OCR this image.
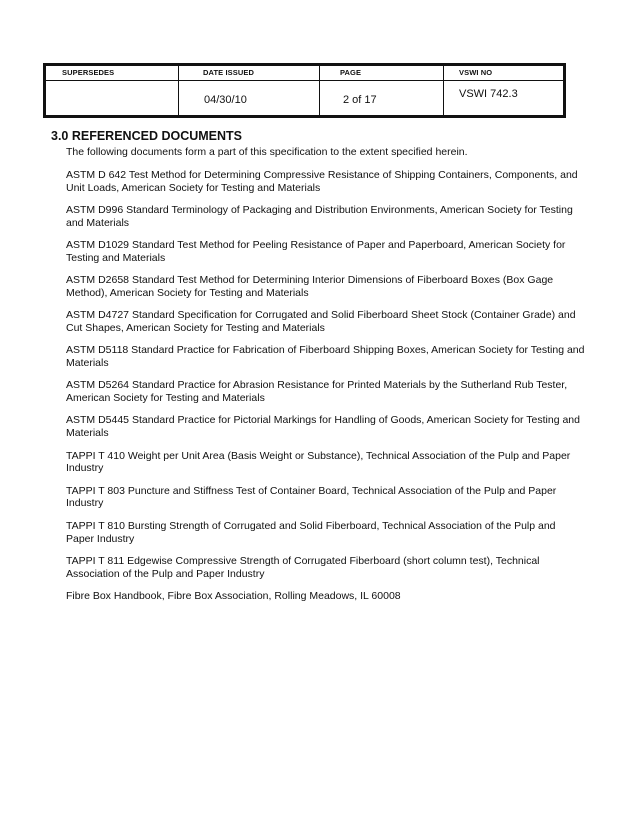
SUPERSEDES	DATE ISSUED
04/30/10
PAGE
2 of 17
VSWI NO
VSWI 742.3
3.0 REFERENCED DOCUMENTS

The following documents form a part of this specification to the extent specified herein.

ASTM D 642 Test Method for Determining Compressive Resistance of Shipping Containers, Components, and Unit Loads, American Society for Testing and Materials

ASTM D996 Standard Terminology of Packaging and Distribution Environments, American Society for Testing and Materials

ASTM D1029 Standard Test Method for Peeling Resistance of Paper and Paperboard, American Society for Testing and Materials

ASTM D2658 Standard Test Method for Determining Interior Dimensions of Fiberboard Boxes (Box Gage Method), American Society for Testing and Materials

ASTM D4727 Standard Specification for Corrugated and Solid Fiberboard Sheet Stock (Container Grade) and Cut Shapes, American Society for Testing and Materials

ASTM D5118 Standard Practice for Fabrication of Fiberboard Shipping Boxes, American Society for Testing and Materials

ASTM D5264 Standard Practice for Abrasion Resistance for Printed Materials by the Sutherland Rub Tester, American Society for Testing and Materials

ASTM D5445 Standard Practice for Pictorial Markings for Handling of Goods, American Society for Testing and Materials

TAPPI T 410 Weight per Unit Area (Basis Weight or Substance), Technical Association of the Pulp and Paper Industry

TAPPI T 803 Puncture and Stiffness Test of Container Board, Technical Association of the Pulp and Paper Industry

TAPPI T 810 Bursting Strength of Corrugated and Solid Fiberboard, Technical Association of the Pulp and Paper Industry

TAPPI T 811 Edgewise Compressive Strength of Corrugated Fiberboard (short column test), Technical Association of the Pulp and Paper Industry

Fibre Box Handbook, Fibre Box Association, Rolling Meadows, IL 60008
